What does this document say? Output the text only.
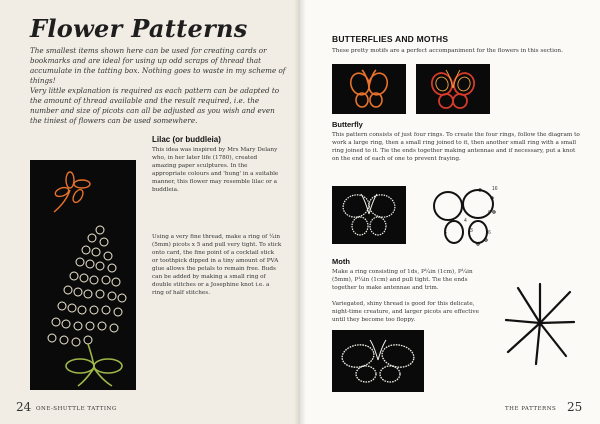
Flower Patterns

The smallest items shown here can be used for creating cards or bookmarks and are ideal for using up odd scraps of thread that accumulate in the tatting box. Nothing goes to waste in my scheme of things!

Very little explanation is required as each pattern can be adapted to the amount of thread available and the result required, i.e. the number and size of picots can all be adjusted as you wish and even the tiniest of flowers can be used somewhere.

Lilac (or buddleia)

This idea was inspired by Mrs Mary Delany who, in her later life (1780), created amazing paper sculptures. In the appropriate colours and 'hung' in a suitable manner, this flower may resemble lilac or a buddleia.

Using a very fine thread, make a ring of ¼in (5mm) picots x 5 and pull very tight. To stick onto card, the fine point of a cocktail stick or toothpick dipped in a tiny amount of PVA glue allows the petals to remain free. Buds can be added by making a small ring of double stitches or a Josephine knot i.e. a ring of half stitches.

24 ONE-SHUTTLE TATTING
BUTTERFLIES AND MOTHS

These pretty motifs are a perfect accompaniment for the flowers in this section.

Butterfly

This pattern consists of just four rings. To create the four rings, follow the diagram to work a large ring, then a small ring joined to it, then another small ring with a small ring joined to it. Tie the ends together making antennae and if necessary, put a knot on the end of each of one to prevent fraying.

16
6
4
3
6	6
Moth

Make a ring consisting of 1ds, P¼in (1cm), P¼in (5mm), P¼in (1cm) and pull tight. Tie the ends together to make antennae and trim.

Variegated, shiny thread is good for this delicate, night-time creature, and larger picots are effective until they become too floppy.

25
THE PATTERNS
